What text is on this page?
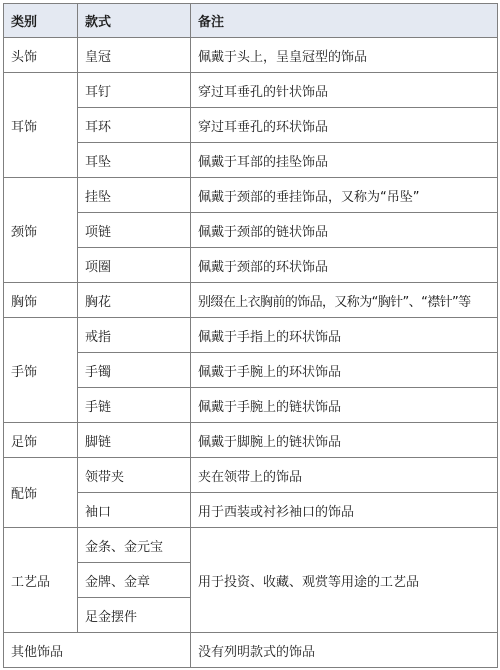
类别	款式	备注
头饰	皇冠	佩戴于头上，呈皇冠型的饰品
耳饰	耳钉	穿过耳垂孔的针状饰品
	耳环	穿过耳垂孔的环状饰品
	耳坠	佩戴于耳部的挂坠饰品
颈饰	挂坠	佩戴于颈部的垂挂饰品，又称为“吊坠”
	项链	佩戴于颈部的链状饰品
	项圈	佩戴于颈部的环状饰品
胸饰	胸花	别缀在上衣胸前的饰品，又称为“胸针”、“襟针”等
手饰	戒指	佩戴于手指上的环状饰品
	手镯	佩戴于手腕上的环状饰品
	手链	佩戴于手腕上的链状饰品
足饰	脚链	佩戴于脚腕上的链状饰品
配饰	领带夹	夹在领带上的饰品
	袖口	用于西装或衬衫袖口的饰品
工艺品	金条、金元宝	用于投资、收藏、观赏等用途的工艺品
	金牌、金章	
	足金摆件	
其他饰品		没有列明款式的饰品
